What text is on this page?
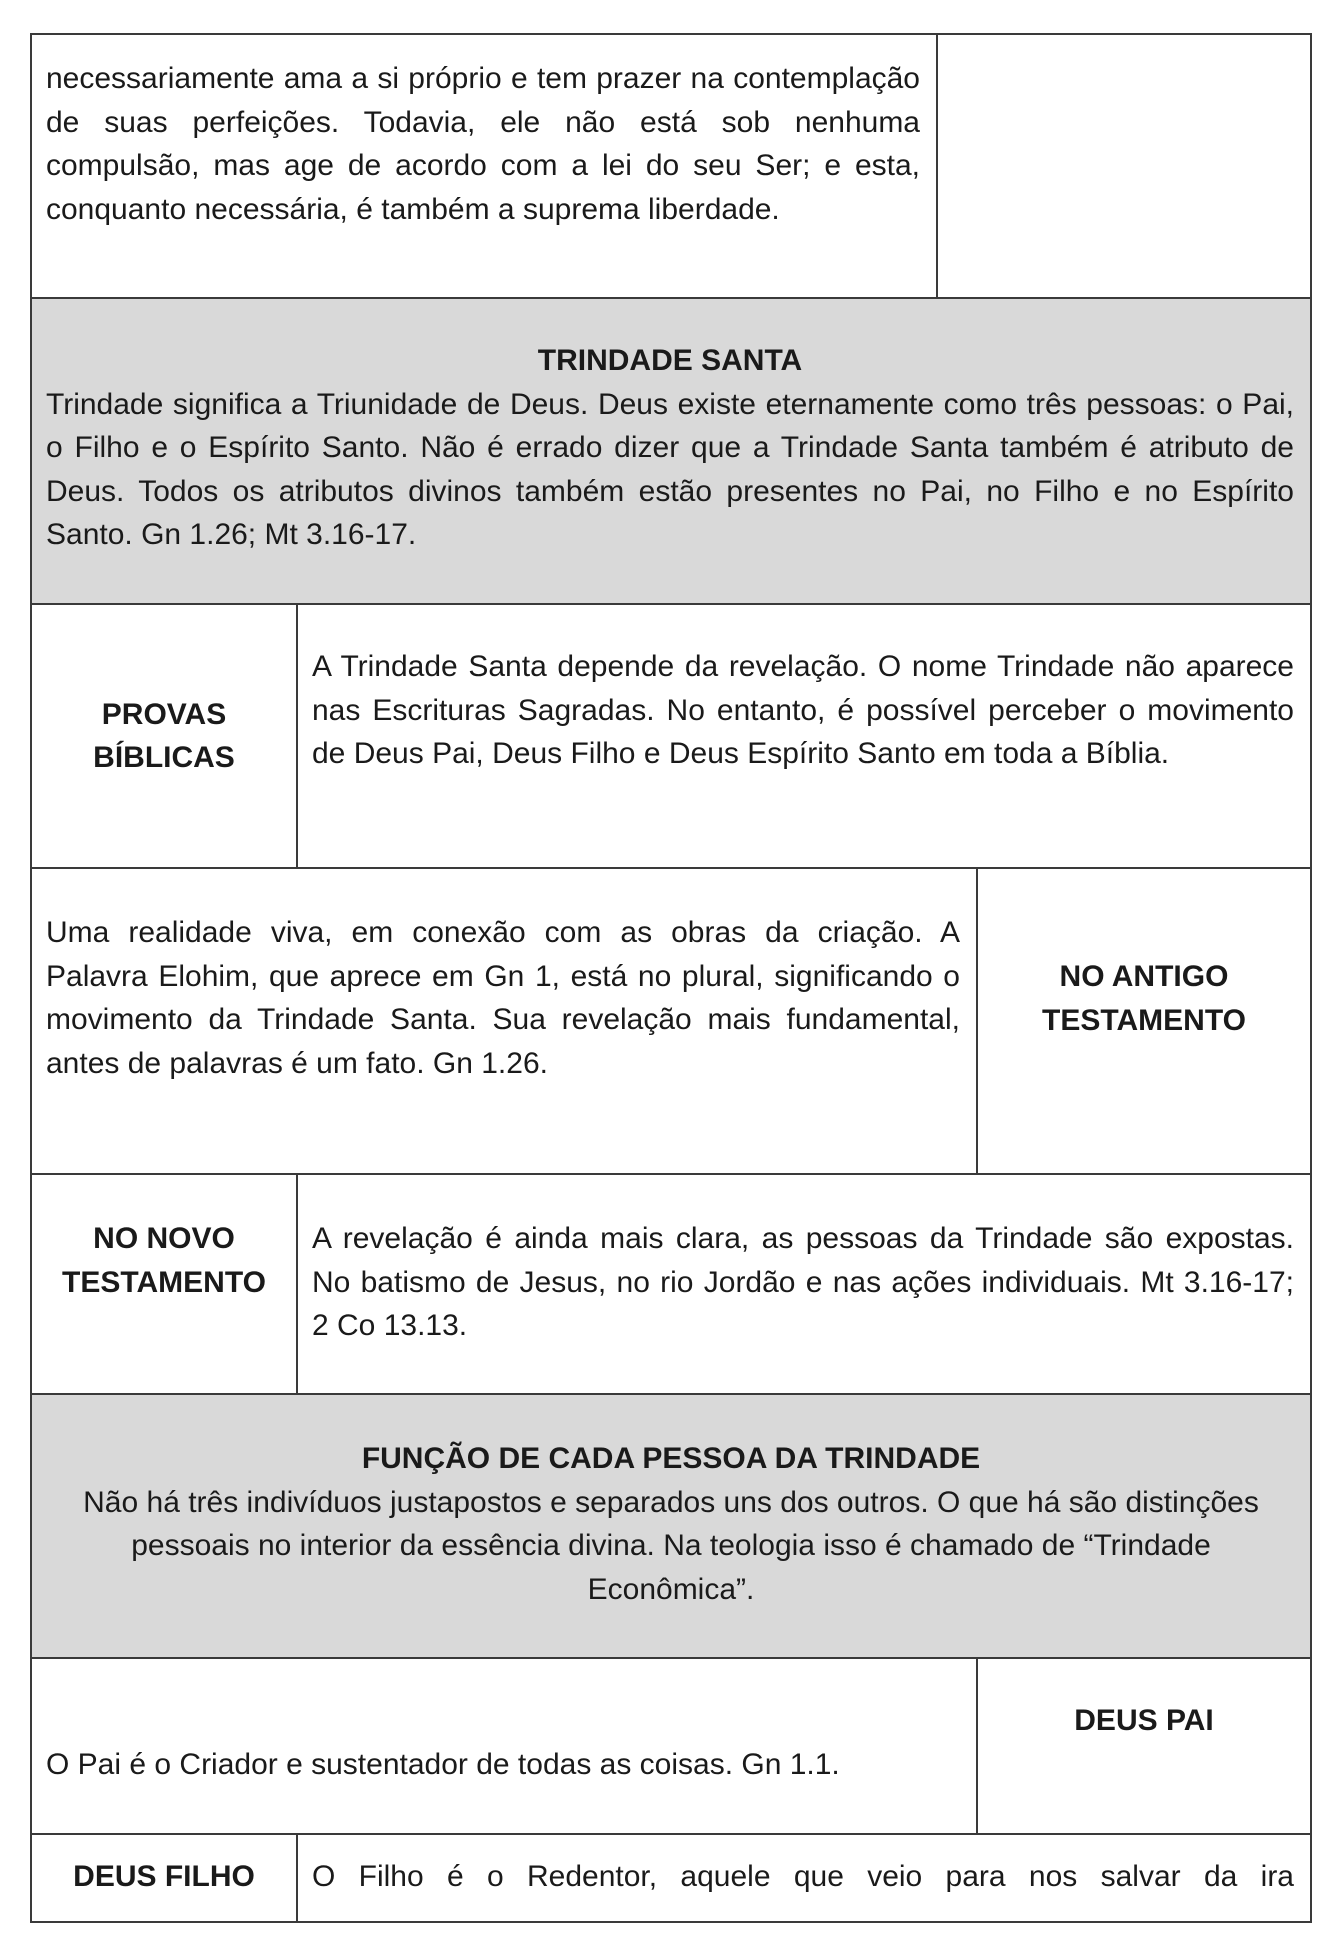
necessariamente ama a si próprio e tem prazer na contemplação de suas perfeições. Todavia, ele não está sob nenhuma compulsão, mas age de acordo com a lei do seu Ser; e esta, conquanto necessária, é também a suprema liberdade.

TRINDADE SANTA

Trindade significa a Triunidade de Deus. Deus existe eternamente como três pessoas: o Pai, o Filho e o Espírito Santo. Não é errado dizer que a Trindade Santa também é atributo de Deus. Todos os atributos divinos também estão presentes no Pai, no Filho e no Espírito Santo. Gn 1.26; Mt 3.16-17.

PROVAS

BÍBLICAS

A Trindade Santa depende da revelação. O nome Trindade não aparece nas Escrituras Sagradas. No entanto, é possível perceber o movimento de Deus Pai, Deus Filho e Deus Espírito Santo em toda a Bíblia.

Uma realidade viva, em conexão com as obras da criação. A Palavra Elohim, que aprece em Gn 1, está no plural, significando o movimento da Trindade Santa. Sua revelação mais fundamental, antes de palavras é um fato. Gn 1.26.

NO ANTIGO

TESTAMENTO

NO NOVO

TESTAMENTO

A revelação é ainda mais clara, as pessoas da Trindade são expostas. No batismo de Jesus, no rio Jordão e nas ações individuais. Mt 3.16-17; 2 Co 13.13.

FUNÇÃO DE CADA PESSOA DA TRINDADE

Não há três indivíduos justapostos e separados uns dos outros. O que há são distinções pessoais no interior da essência divina. Na teologia isso é chamado de “Trindade Econômica”.

O Pai é o Criador e sustentador de todas as coisas. Gn 1.1.

DEUS PAI

DEUS FILHO	O Filho é o Redentor, aquele que veio para nos salvar da ira
